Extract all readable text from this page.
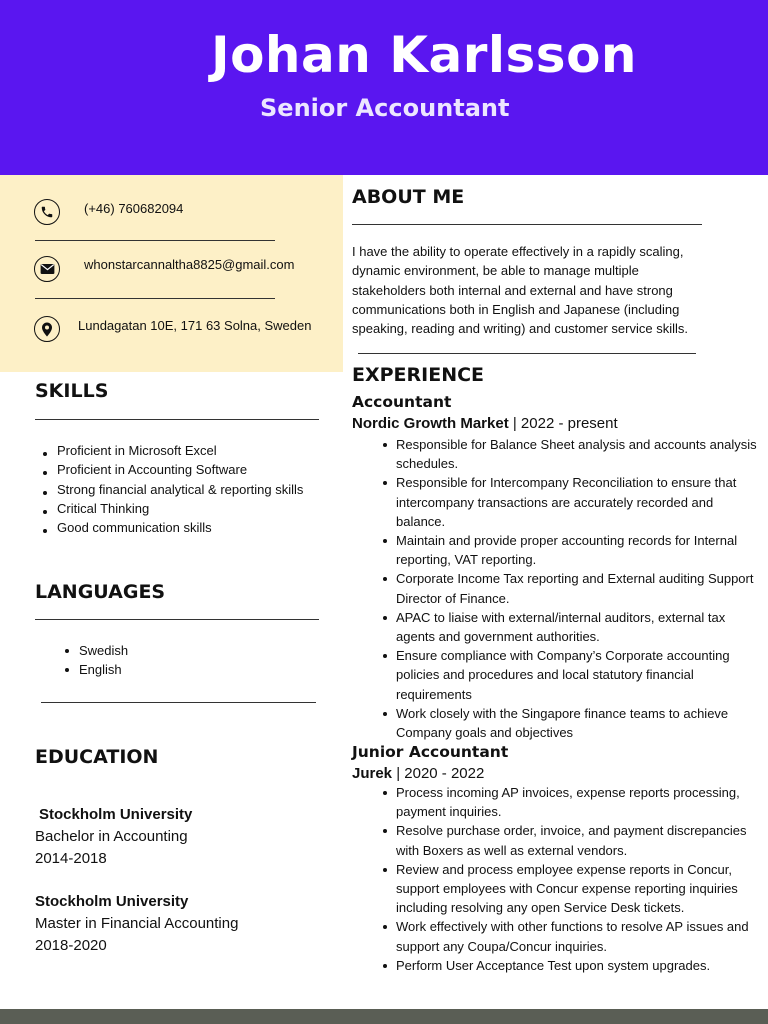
Johan Karlsson
Senior Accountant
(+46) 760682094
whonstarcannaltha8825@gmail.com
Lundagatan 10E, 171 63 Solna, Sweden
SKILLS
Proficient in Microsoft Excel
Proficient in Accounting Software
Strong financial analytical & reporting skills
Critical Thinking
Good communication skills
LANGUAGES
Swedish
English
EDUCATION
Stockholm University
Bachelor in Accounting
2014-2018
Stockholm University
Master in Financial Accounting
2018-2020
ABOUT ME
I have the ability to operate effectively in a rapidly scaling, dynamic environment, be able to manage multiple stakeholders both internal and external and have strong communications both in English and Japanese (including speaking, reading and writing) and customer service skills.
EXPERIENCE
Accountant
Nordic Growth Market | 2022 - present
Responsible for Balance Sheet analysis and accounts analysis schedules.
Responsible for Intercompany Reconciliation to ensure that intercompany transactions are accurately recorded and balance.
Maintain and provide proper accounting records for Internal reporting, VAT reporting.
Corporate Income Tax reporting and External auditing Support Director of Finance.
APAC to liaise with external/internal auditors, external tax agents and government authorities.
Ensure compliance with Company’s Corporate accounting policies and procedures and local statutory financial requirements
Work closely with the Singapore finance teams to achieve Company goals and objectives
Junior Accountant
Jurek | 2020 - 2022
Process incoming AP invoices, expense reports processing, payment inquiries.
Resolve purchase order, invoice, and payment discrepancies with Boxers as well as external vendors.
Review and process employee expense reports in Concur, support employees with Concur expense reporting inquiries including resolving any open Service Desk tickets.
Work effectively with other functions to resolve AP issues and support any Coupa/Concur inquiries.
Perform User Acceptance Test upon system upgrades.
